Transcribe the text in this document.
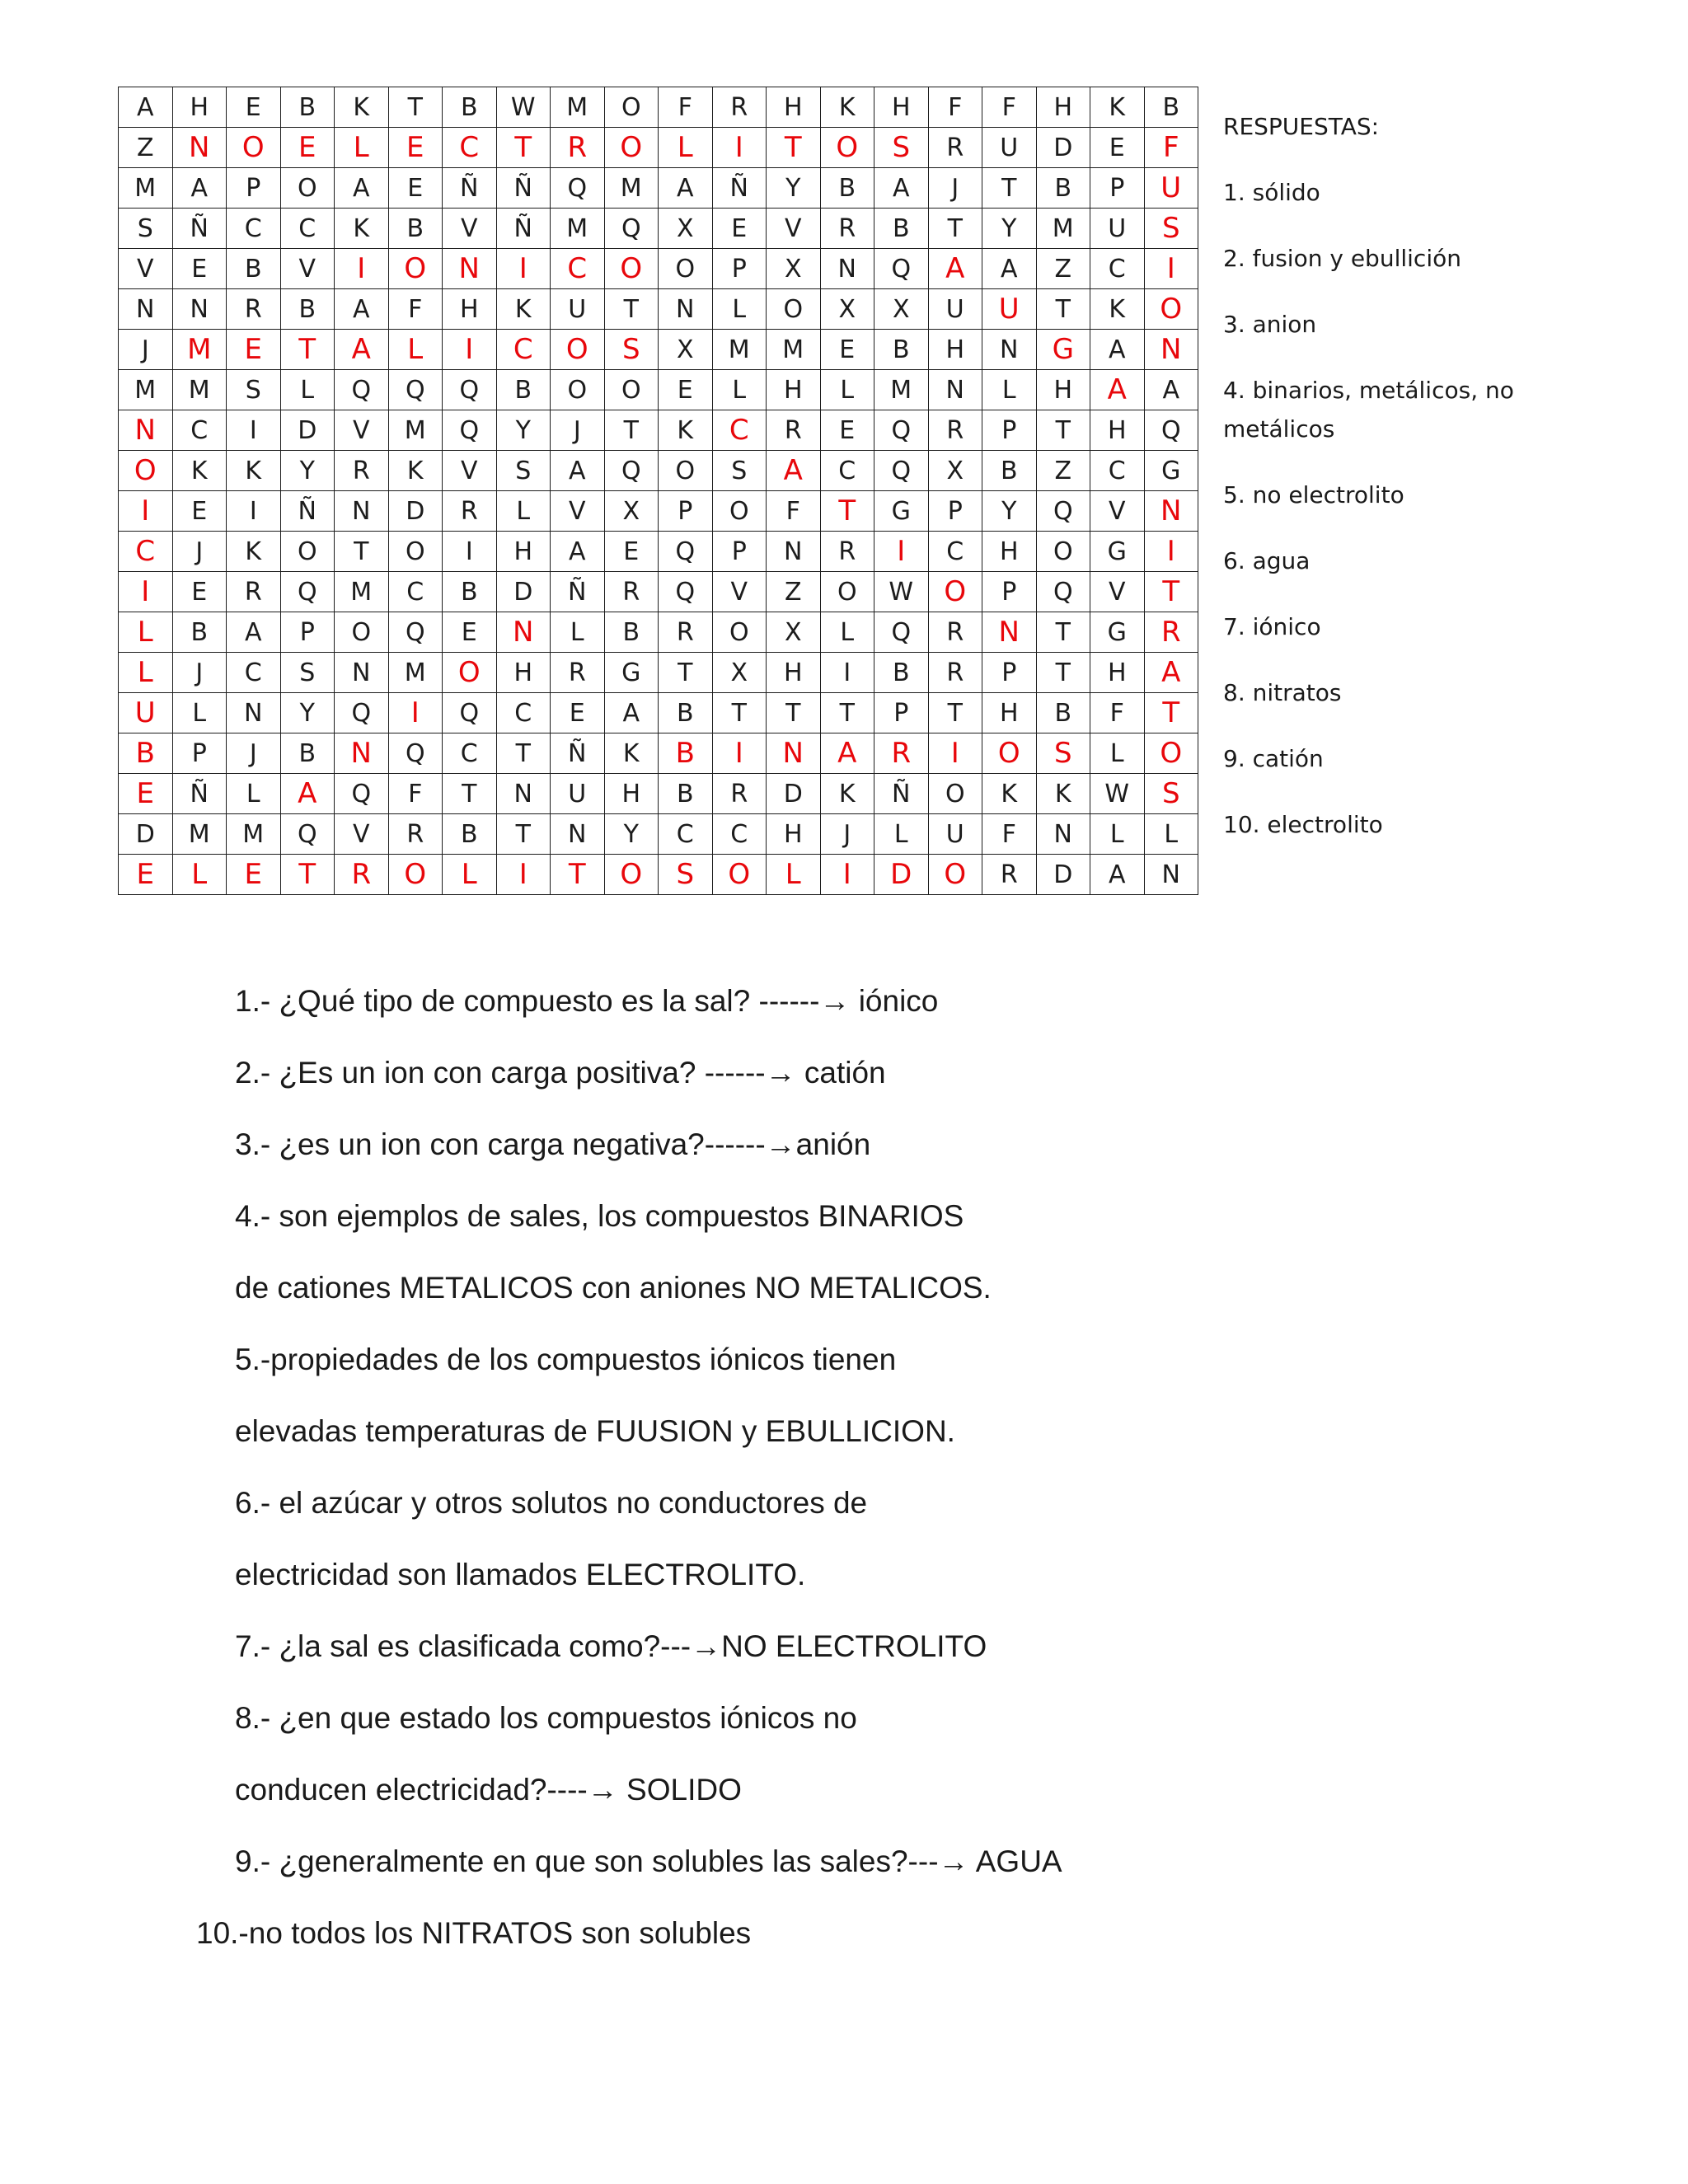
A	H	E	B	K	T	B	W	M	O	F	R	H	K	H	F	F	H	K	B
Z	N	O	E	L	E	C	T	R	O	L	I	T	O	S	R	U	D	E	F
M	A	P	O	A	E	Ñ	Ñ	Q	M	A	Ñ	Y	B	A	J	T	B	P	U
S	Ñ	C	C	K	B	V	Ñ	M	Q	X	E	V	R	B	T	Y	M	U	S
V	E	B	V	I	O	N	I	C	O	O	P	X	N	Q	A	A	Z	C	I
N	N	R	B	A	F	H	K	U	T	N	L	O	X	X	U	U	T	K	O
J	M	E	T	A	L	I	C	O	S	X	M	M	E	B	H	N	G	A	N
M	M	S	L	Q	Q	Q	B	O	O	E	L	H	L	M	N	L	H	A	A
N	C	I	D	V	M	Q	Y	J	T	K	C	R	E	Q	R	P	T	H	Q
O	K	K	Y	R	K	V	S	A	Q	O	S	A	C	Q	X	B	Z	C	G
I	E	I	Ñ	N	D	R	L	V	X	P	O	F	T	G	P	Y	Q	V	N
C	J	K	O	T	O	I	H	A	E	Q	P	N	R	I	C	H	O	G	I
I	E	R	Q	M	C	B	D	Ñ	R	Q	V	Z	O	W	O	P	Q	V	T
L	B	A	P	O	Q	E	N	L	B	R	O	X	L	Q	R	N	T	G	R
L	J	C	S	N	M	O	H	R	G	T	X	H	I	B	R	P	T	H	A
U	L	N	Y	Q	I	Q	C	E	A	B	T	T	T	P	T	H	B	F	T
B	P	J	B	N	Q	C	T	Ñ	K	B	I	N	A	R	I	O	S	L	O
E	Ñ	L	A	Q	F	T	N	U	H	B	R	D	K	Ñ	O	K	K	W	S
D	M	M	Q	V	R	B	T	N	Y	C	C	H	J	L	U	F	N	L	L
E	L	E	T	R	O	L	I	T	O	S	O	L	I	D	O	R	D	A	N
RESPUESTAS:
1. sólido
2. fusion y ebullición
3. anion
4. binarios, metálicos, no metálicos
5. no electrolito
6. agua
7. iónico
8. nitratos
9. catión
10. electrolito
1.- ¿Qué tipo de compuesto es la sal? ------→ iónico
2.- ¿Es un ion con carga positiva? ------→ catión
3.- ¿es un ion con carga negativa?------→anión
4.- son ejemplos de sales, los compuestos BINARIOS
de cationes METALICOS con aniones NO METALICOS.
5.-propiedades de los compuestos iónicos tienen
elevadas temperaturas de FUUSION y EBULLICION.
6.- el azúcar y otros solutos no conductores de
electricidad son llamados ELECTROLITO.
7.- ¿la sal es clasificada como?---→NO ELECTROLITO
8.- ¿en que estado los compuestos iónicos no
conducen electricidad?----→ SOLIDO
9.- ¿generalmente en que son solubles las sales?---→ AGUA
10.-no todos los NITRATOS son solubles
